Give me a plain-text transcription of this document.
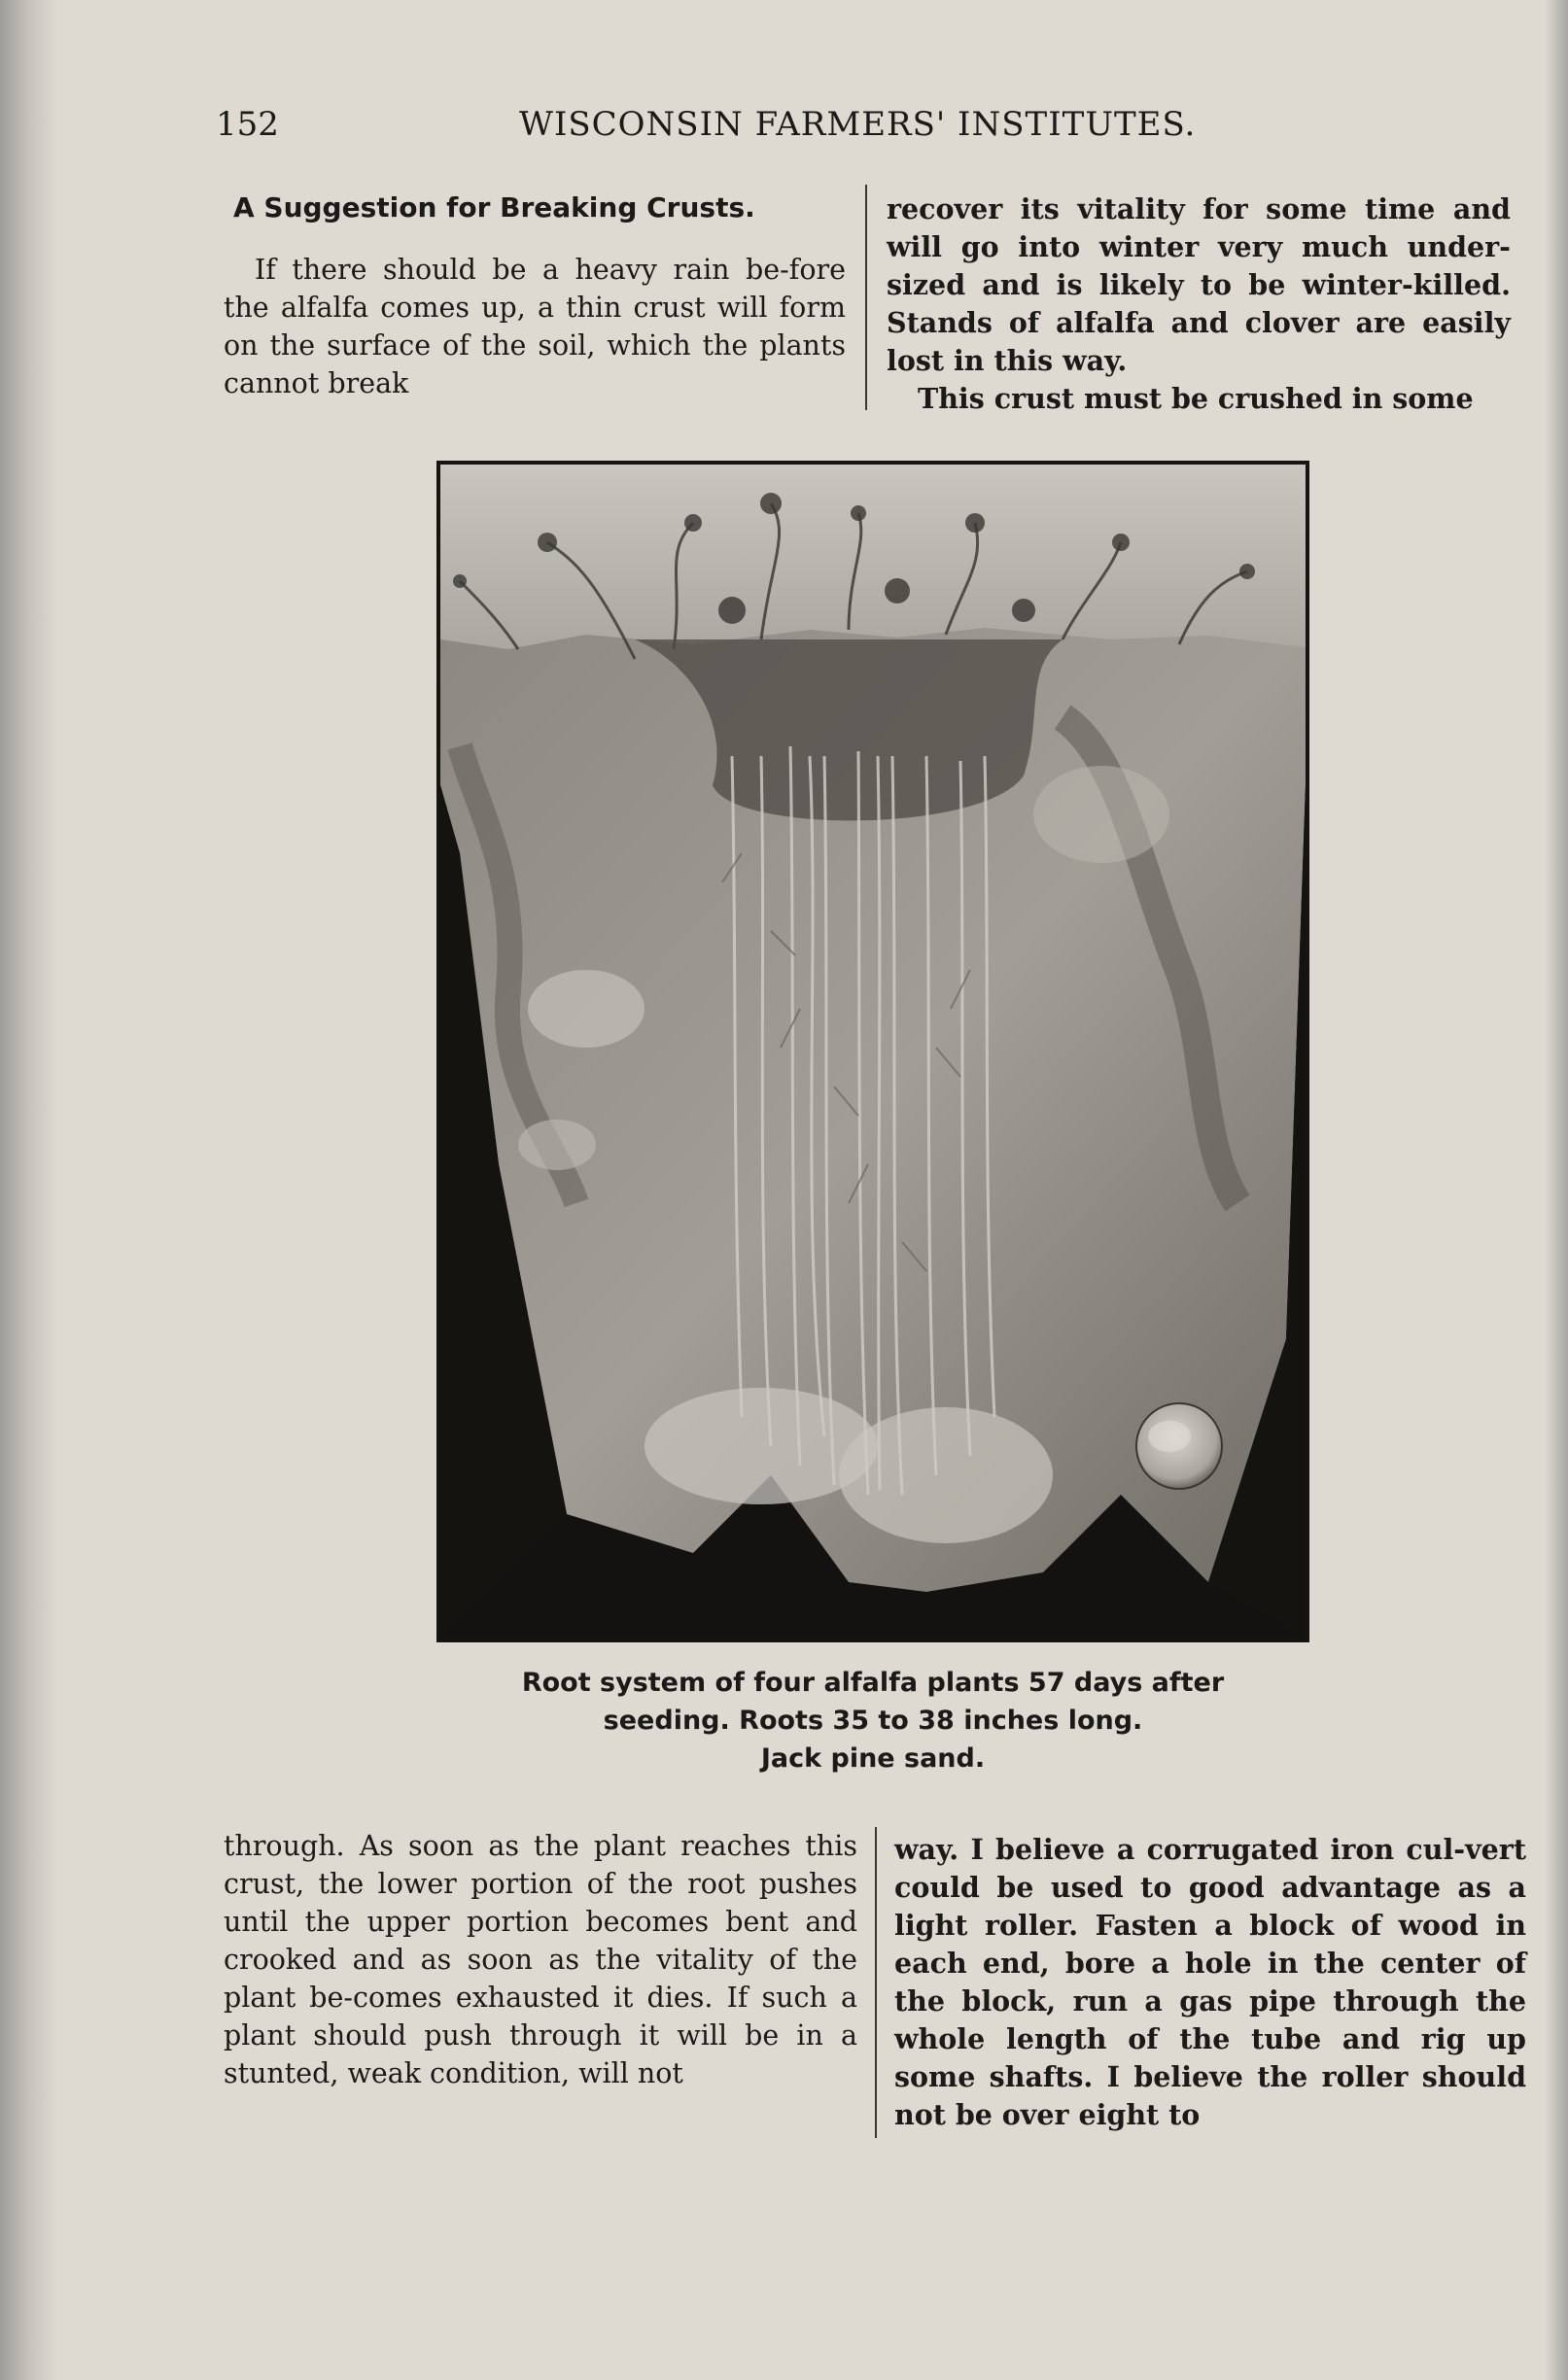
152	WISCONSIN FARMERS' INSTITUTES.
A Suggestion for Breaking Crusts.

If there should be a heavy rain be-fore the alfalfa comes up, a thin crust will form on the surface of the soil, which the plants cannot break

recover its vitality for some time and will go into winter very much under-sized and is likely to be winter-killed. Stands of alfalfa and clover are easily lost in this way.

This crust must be crushed in some

Root system of four alfalfa plants 57 days after
seeding. Roots 35 to 38 inches long.
Jack pine sand.

through. As soon as the plant reaches this crust, the lower portion of the root pushes until the upper portion becomes bent and crooked and as soon as the vitality of the plant be-comes exhausted it dies. If such a plant should push through it will be in a stunted, weak condition, will not

way. I believe a corrugated iron cul-vert could be used to good advantage as a light roller. Fasten a block of wood in each end, bore a hole in the center of the block, run a gas pipe through the whole length of the tube and rig up some shafts. I believe the roller should not be over eight to
